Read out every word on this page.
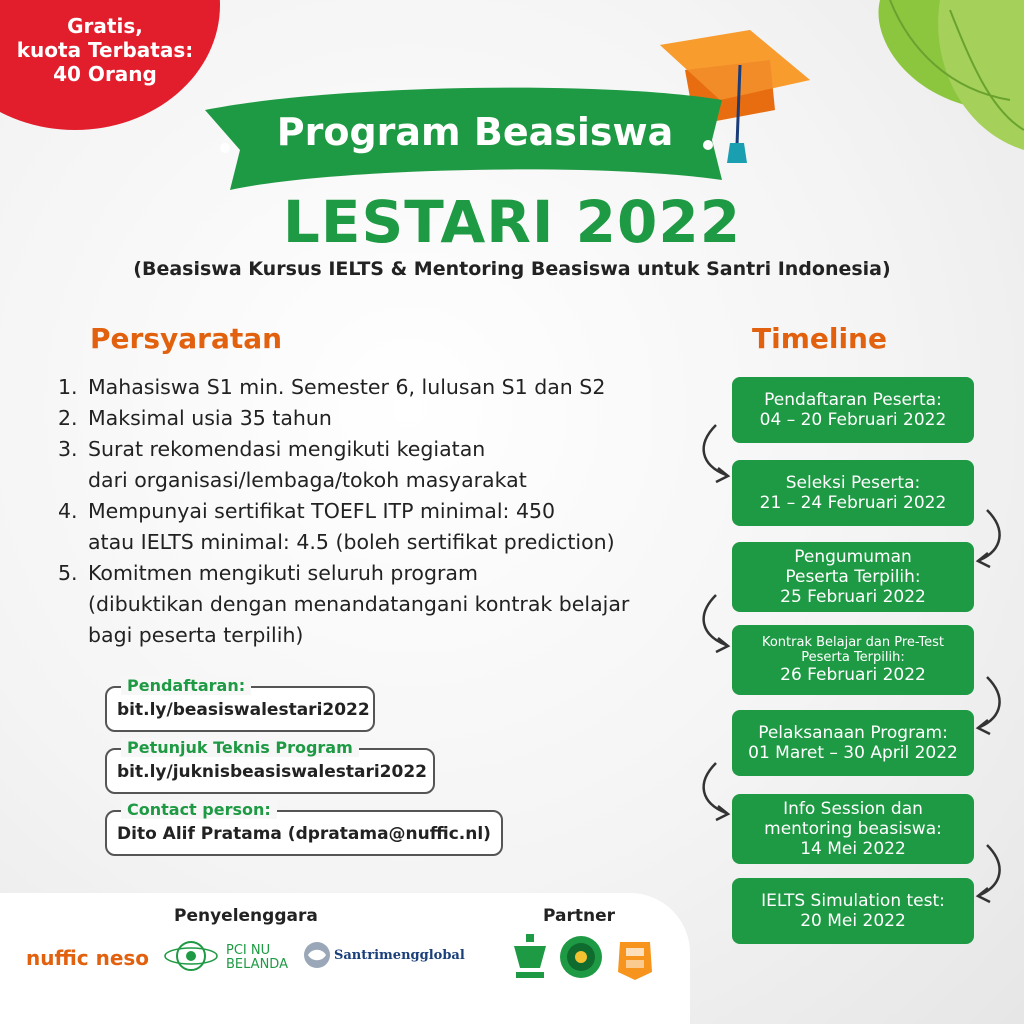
Gratis,
kuota Terbatas:
40 Orang
Program Beasiswa
LESTARI 2022
(Beasiswa Kursus IELTS & Mentoring Beasiswa untuk Santri Indonesia)
Persyaratan
1. Mahasiswa S1 min. Semester 6, lulusan S1 dan S2
2. Maksimal usia 35 tahun
3. Surat rekomendasi mengikuti kegiatan
dari organisasi/lembaga/tokoh masyarakat
4. Mempunyai sertifikat TOEFL ITP minimal: 450
atau IELTS minimal: 4.5 (boleh sertifikat prediction)
5. Komitmen mengikuti seluruh program
(dibuktikan dengan menandatangani kontrak belajar
bagi peserta terpilih)
Pendaftaran:
bit.ly/beasiswalestari2022
Petunjuk Teknis Program
bit.ly/juknisbeasiswalestari2022
Contact person:
Dito Alif Pratama (dpratama@nuffic.nl)
Timeline
Pendaftaran Peserta:
04 – 20 Februari 2022
Seleksi Peserta:
21 – 24 Februari 2022
Pengumuman
Peserta Terpilih:
25 Februari 2022
Kontrak Belajar dan Pre-Test
Peserta Terpilih:
26 Februari 2022
Pelaksanaan Program:
01 Maret – 30 April 2022
Info Session dan
mentoring beasiswa:
14 Mei 2022
IELTS Simulation test:
20 Mei 2022
Penyelenggara	Partner
nuffic neso	PCI NU
BELANDA
Santrimengglobal
